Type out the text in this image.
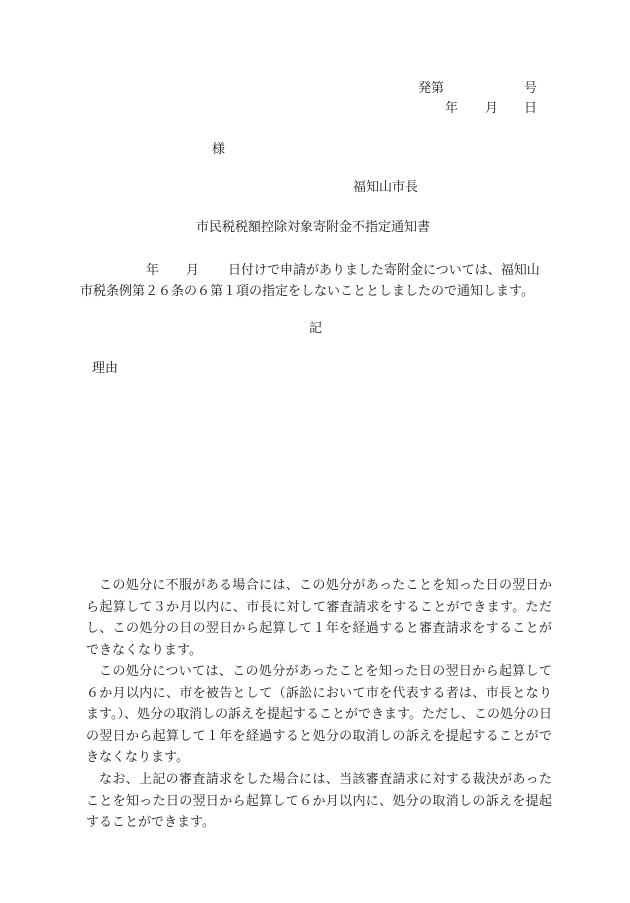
発第	号
年 月 日
様
福知山市長
市民税税額控除対象寄附金不指定通知書
年 月 日付けで申請がありました寄附金については、福知山
市税条例第２６条の６第１項の指定をしないこととしましたので通知します。
記
理由
この処分に不服がある場合には、この処分があったことを知った日の翌日から起算して３か月以内に、市長に対して審査請求をすることができます。ただし、この処分の日の翌日から起算して１年を経過すると審査請求をすることができなくなります。
この処分については、この処分があったことを知った日の翌日から起算して６か月以内に、市を被告として（訴訟において市を代表する者は、市長となります。）、処分の取消しの訴えを提起することができます。ただし、この処分の日の翌日から起算して１年を経過すると処分の取消しの訴えを提起することができなくなります。
なお、上記の審査請求をした場合には、当該審査請求に対する裁決があったことを知った日の翌日から起算して６か月以内に、処分の取消しの訴えを提起することができます。
